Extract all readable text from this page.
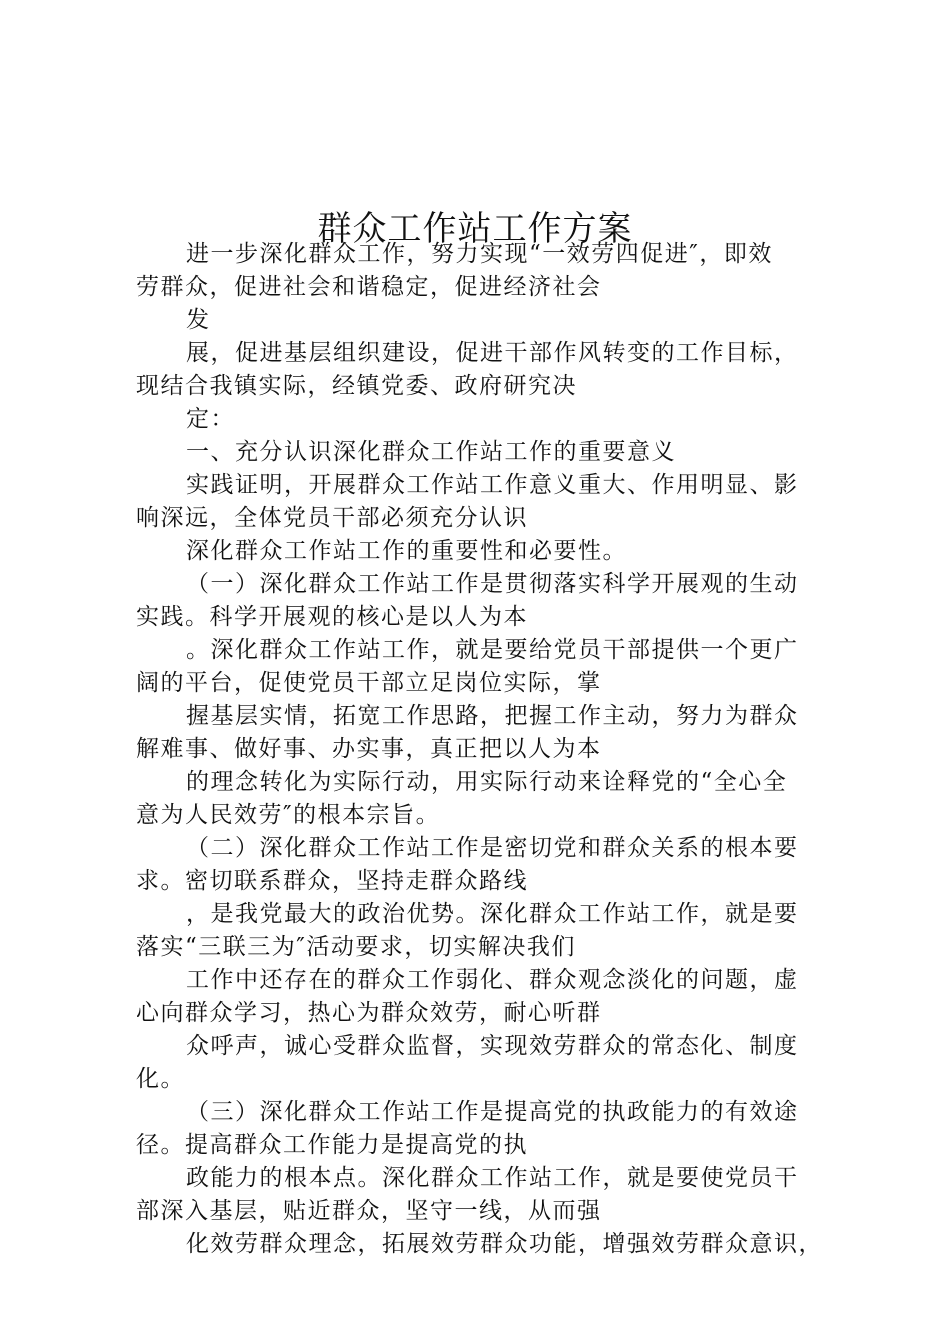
群众工作站工作方案
进一步深化群众工作，努力实现“一效劳四促进″，即效
劳群众，促进社会和谐稳定，促进经济社会
发
展，促进基层组织建设，促进干部作风转变的工作目标，
现结合我镇实际，经镇党委、政府研究决
定：
一、充分认识深化群众工作站工作的重要意义
实践证明，开展群众工作站工作意义重大、作用明显、影
响深远，全体党员干部必须充分认识
深化群众工作站工作的重要性和必要性。
（一）深化群众工作站工作是贯彻落实科学开展观的生动
实践。科学开展观的核心是以人为本
。深化群众工作站工作，就是要给党员干部提供一个更广
阔的平台，促使党员干部立足岗位实际，掌
握基层实情，拓宽工作思路，把握工作主动，努力为群众
解难事、做好事、办实事，真正把以人为本
的理念转化为实际行动，用实际行动来诠释党的“全心全
意为人民效劳″的根本宗旨。
（二）深化群众工作站工作是密切党和群众关系的根本要
求。密切联系群众，坚持走群众路线
，是我党最大的政治优势。深化群众工作站工作，就是要
落实“三联三为″活动要求，切实解决我们
工作中还存在的群众工作弱化、群众观念淡化的问题，虚
心向群众学习，热心为群众效劳，耐心听群
众呼声，诚心受群众监督，实现效劳群众的常态化、制度
化。
（三）深化群众工作站工作是提高党的执政能力的有效途
径。提高群众工作能力是提高党的执
政能力的根本点。深化群众工作站工作，就是要使党员干
部深入基层，贴近群众，坚守一线，从而强
化效劳群众理念，拓展效劳群众功能，增强效劳群众意识，
